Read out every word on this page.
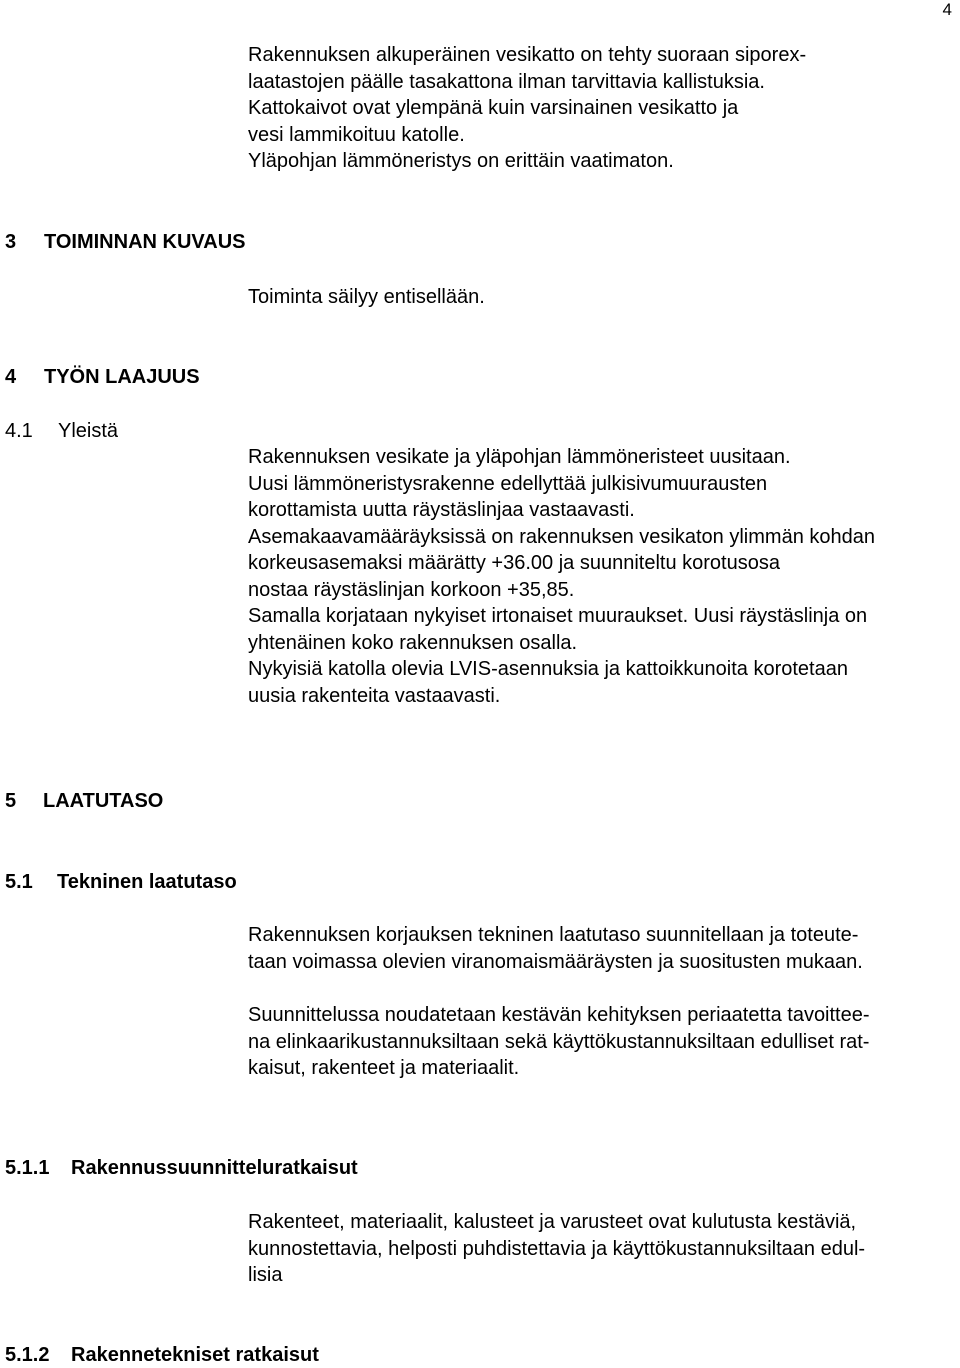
4
Rakennuksen alkuperäinen vesikatto on tehty suoraan siporex-
laatastojen päälle tasakattona ilman tarvittavia kallistuksia.
Kattokaivot ovat ylempänä kuin varsinainen vesikatto ja
vesi lammikoituu katolle.
Yläpohjan lämmöneristys on erittäin vaatimaton.
3 TOIMINNAN KUVAUS
Toiminta säilyy entisellään.
4 TYÖN LAAJUUS
4.1 Yleistä
Rakennuksen vesikate ja yläpohjan lämmöneristeet uusitaan.
Uusi lämmöneristysrakenne edellyttää julkisivumuurausten
korottamista uutta räystäslinjaa vastaavasti.
Asemakaavamääräyksissä on rakennuksen vesikaton ylimmän kohdan
korkeusasemaksi määrätty +36.00 ja suunniteltu korotusosa
nostaa räystäslinjan korkoon +35,85.
Samalla korjataan nykyiset irtonaiset muuraukset. Uusi räystäslinja on
yhtenäinen koko rakennuksen osalla.
Nykyisiä katolla olevia LVIS-asennuksia ja kattoikkunoita korotetaan
uusia rakenteita vastaavasti.
5 LAATUTASO
5.1 Tekninen laatutaso
Rakennuksen korjauksen tekninen laatutaso suunnitellaan ja toteute-
taan voimassa olevien viranomaismääräysten ja suositusten mukaan.
Suunnittelussa noudatetaan kestävän kehityksen periaatetta tavoittee-
na elinkaarikustannuksiltaan sekä käyttökustannuksiltaan edulliset rat-
kaisut, rakenteet ja materiaalit.
5.1.1 Rakennussuunnitteluratkaisut
Rakenteet, materiaalit, kalusteet ja varusteet ovat kulutusta kestäviä,
kunnostettavia, helposti puhdistettavia ja käyttökustannuksiltaan edul-
lisia
5.1.2 Rakennetekniset ratkaisut
